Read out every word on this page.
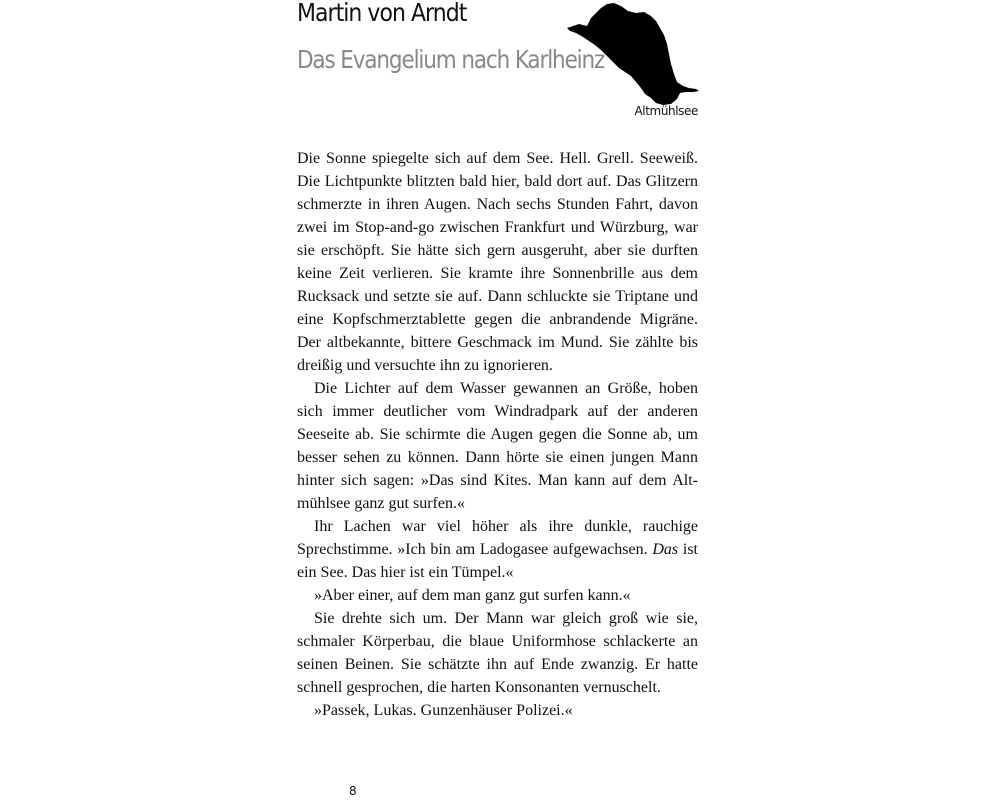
Martin von Arndt
Das Evangelium nach Karlheinz
Altmühlsee

Die Sonne spiegelte sich auf dem See. Hell. Grell. Seeweiß. Die Lichtpunkte blitzten bald hier, bald dort auf. Das Glitzern schmerzte in ihren Augen. Nach sechs Stunden Fahrt, davon zwei im Stop-and-go zwischen Frankfurt und Würzburg, war sie erschöpft. Sie hätte sich gern ausgeruht, aber sie durften keine Zeit verlieren. Sie kramte ihre Sonnenbrille aus dem Rucksack und setzte sie auf. Dann schluckte sie Triptane und eine Kopfschmerztablette gegen die anbrandende Migräne. Der altbekannte, bittere Geschmack im Mund. Sie zählte bis dreißig und versuchte ihn zu ignorieren.

Die Lichter auf dem Wasser gewannen an Größe, hoben sich immer deutlicher vom Windradpark auf der anderen Seeseite ab. Sie schirmte die Augen gegen die Sonne ab, um besser sehen zu können. Dann hörte sie einen jungen Mann hinter sich sagen: »Das sind Kites. Man kann auf dem Altmühlsee ganz gut surfen.«

Ihr Lachen war viel höher als ihre dunkle, rauchige Sprechstimme. »Ich bin am Ladogasee aufgewachsen. Das ist ein See. Das hier ist ein Tümpel.«

»Aber einer, auf dem man ganz gut surfen kann.«

Sie drehte sich um. Der Mann war gleich groß wie sie, schmaler Körperbau, die blaue Uniformhose schlackerte an seinen Beinen. Sie schätzte ihn auf Ende zwanzig. Er hatte schnell gesprochen, die harten Konsonanten vernuschelt.

»Passek, Lukas. Gunzenhäuser Polizei.«

8
